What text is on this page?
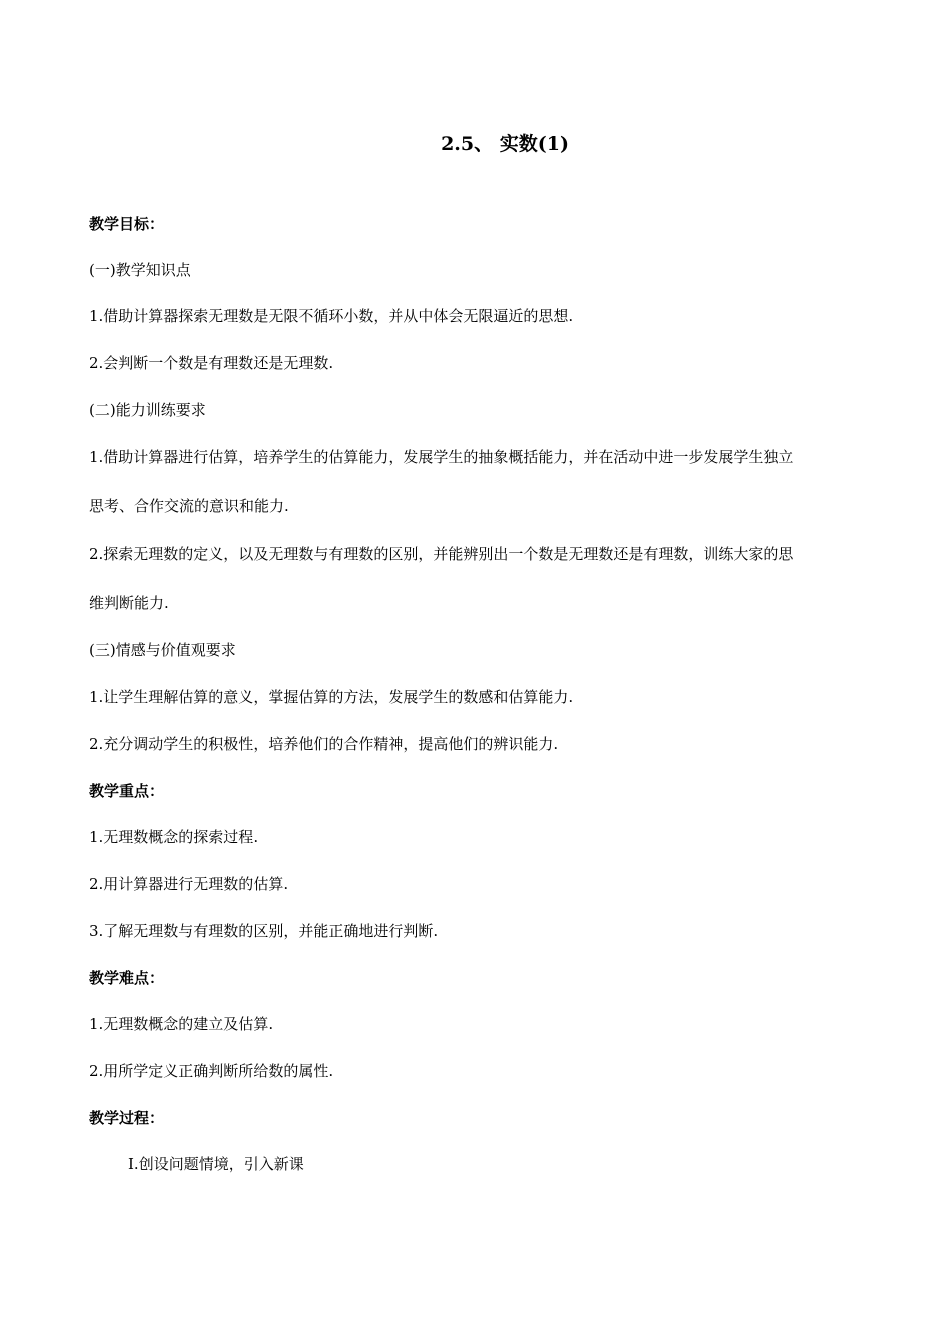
2.5、 实数(1)
教学目标：
(一)教学知识点
1.借助计算器探索无理数是无限不循环小数，并从中体会无限逼近的思想.
2.会判断一个数是有理数还是无理数.
(二)能力训练要求
1.借助计算器进行估算，培养学生的估算能力，发展学生的抽象概括能力，并在活动中进一步发展学生独立
思考、合作交流的意识和能力.
2.探索无理数的定义，以及无理数与有理数的区别，并能辨别出一个数是无理数还是有理数，训练大家的思
维判断能力.
(三)情感与价值观要求
1.让学生理解估算的意义，掌握估算的方法，发展学生的数感和估算能力.
2.充分调动学生的积极性，培养他们的合作精神，提高他们的辨识能力.
教学重点：
1.无理数概念的探索过程.
2.用计算器进行无理数的估算.
3.了解无理数与有理数的区别，并能正确地进行判断.
教学难点：
1.无理数概念的建立及估算.
2.用所学定义正确判断所给数的属性.
教学过程：
Ⅰ.创设问题情境，引入新课
